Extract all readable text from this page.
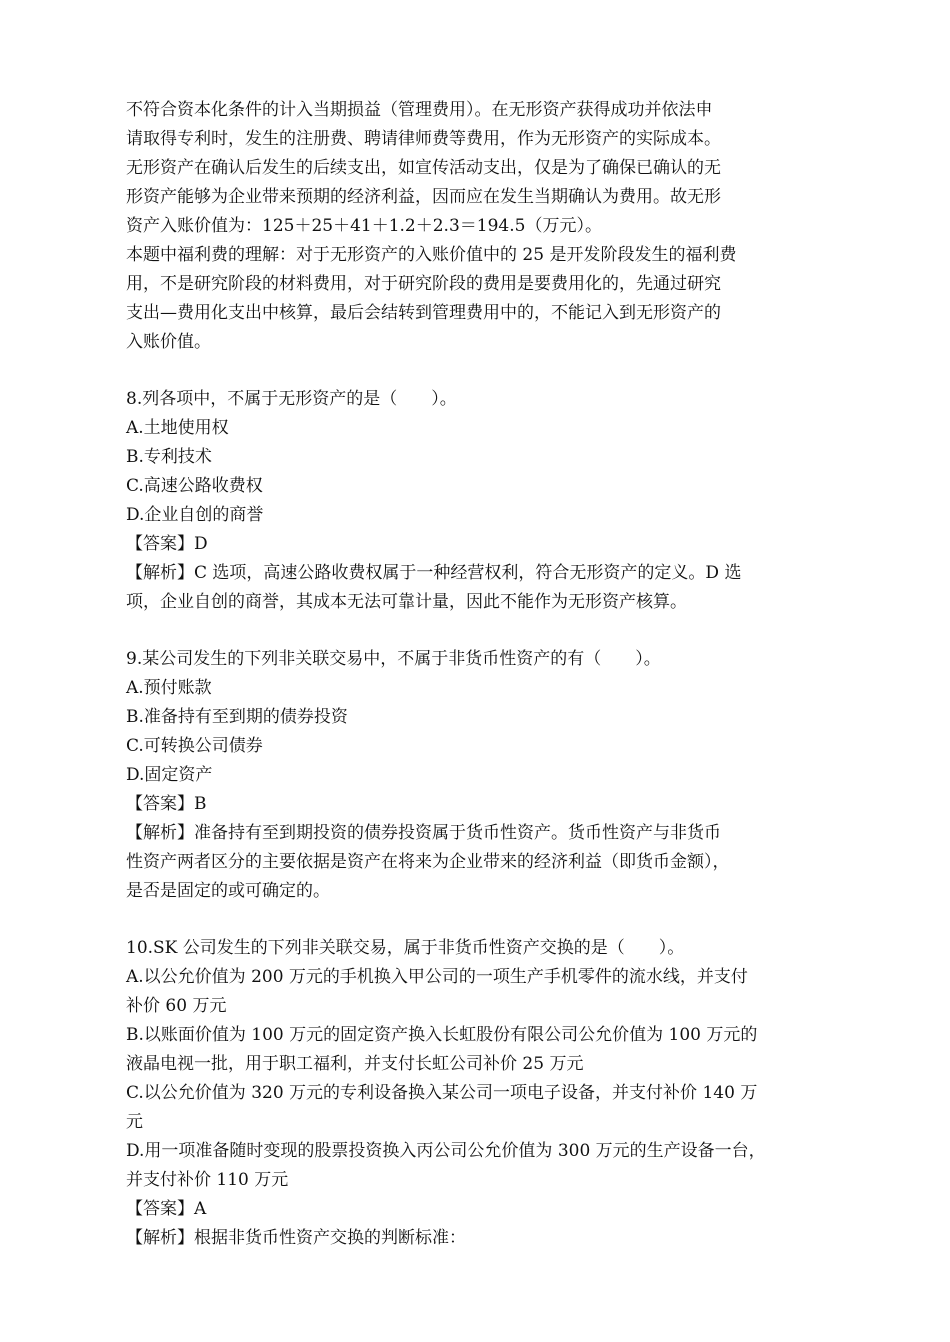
不符合资本化条件的计入当期损益（管理费用）。在无形资产获得成功并依法申

请取得专利时，发生的注册费、聘请律师费等费用，作为无形资产的实际成本。

无形资产在确认后发生的后续支出，如宣传活动支出，仅是为了确保已确认的无

形资产能够为企业带来预期的经济利益，因而应在发生当期确认为费用。故无形

资产入账价值为：125＋25＋41＋1.2＋2.3＝194.5（万元）。

本题中福利费的理解：对于无形资产的入账价值中的 25 是开发阶段发生的福利费

用，不是研究阶段的材料费用，对于研究阶段的费用是要费用化的，先通过研究

支出—费用化支出中核算，最后会结转到管理费用中的，不能记入到无形资产的

入账价值。

8.列各项中，不属于无形资产的是（　　）。

A.土地使用权

B.专利技术

C.高速公路收费权

D.企业自创的商誉

【答案】D

【解析】C 选项，高速公路收费权属于一种经营权利，符合无形资产的定义。D 选

项，企业自创的商誉，其成本无法可靠计量，因此不能作为无形资产核算。

9.某公司发生的下列非关联交易中，不属于非货币性资产的有（　　）。

A.预付账款

B.准备持有至到期的债券投资

C.可转换公司债券

D.固定资产

【答案】B

【解析】准备持有至到期投资的债券投资属于货币性资产。货币性资产与非货币

性资产两者区分的主要依据是资产在将来为企业带来的经济利益（即货币金额），

是否是固定的或可确定的。

10.SK 公司发生的下列非关联交易，属于非货币性资产交换的是（　　）。

A.以公允价值为 200 万元的手机换入甲公司的一项生产手机零件的流水线，并支付

补价 60 万元

B.以账面价值为 100 万元的固定资产换入长虹股份有限公司公允价值为 100 万元的

液晶电视一批，用于职工福利，并支付长虹公司补价 25 万元

C.以公允价值为 320 万元的专利设备换入某公司一项电子设备，并支付补价 140 万

元

D.用一项准备随时变现的股票投资换入丙公司公允价值为 300 万元的生产设备一台，

并支付补价 110 万元

【答案】A

【解析】根据非货币性资产交换的判断标准：
